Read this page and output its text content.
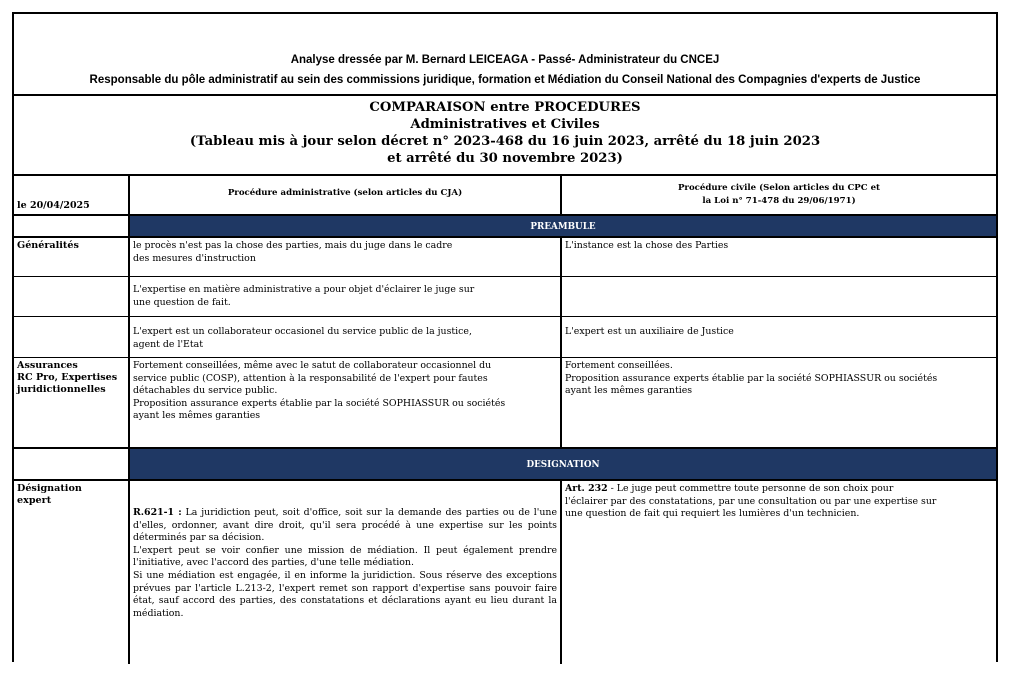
Analyse dressée par M. Bernard LEICEAGA - Passé- Administrateur du CNCEJ
Responsable du pôle administratif au sein des commissions juridique, formation et Médiation du Conseil National des Compagnies d'experts de Justice
COMPARAISON entre PROCEDURES
Administratives et Civiles
(Tableau mis à jour selon décret n° 2023-468 du 16 juin 2023, arrêté du 18 juin 2023
et arrêté du 30 novembre 2023)
le 20/04/2025
Procédure administrative (selon articles du CJA)	Procédure civile (Selon articles du CPC et
la Loi n° 71-478 du 29/06/1971)
PREAMBULE
Généralités	le procès n'est pas la chose des parties, mais du juge dans le cadre
des mesures d'instruction
L'instance est la chose des Parties
L'expertise en matière administrative a pour objet d'éclairer le juge sur
une question de fait.
L'expert est un collaborateur occasionel du service public de la justice,
agent de l'Etat
L'expert est un auxiliaire de Justice
Assurances
RC Pro, Expertises
juridictionnelles
Fortement conseillées, même avec le satut de collaborateur occasionnel du
service public (COSP), attention à la responsabilité de l'expert pour fautes
détachables du service public.
Proposition assurance experts établie par la société SOPHIASSUR ou sociétés
ayant les mêmes garanties
Fortement conseillées.
Proposition assurance experts établie par la société SOPHIASSUR ou sociétés
ayant les mêmes garanties
DESIGNATION
Désignation
expert

R.621-1 : La juridiction peut, soit d'office, soit sur la demande des parties ou de l'une d'elles, ordonner, avant dire droit, qu'il sera procédé à une expertise sur les points déterminés par sa décision.

L'expert peut se voir confier une mission de médiation. Il peut également prendre l'initiative, avec l'accord des parties, d'une telle médiation.

Si une médiation est engagée, il en informe la juridiction. Sous réserve des exceptions prévues par l'article L.213-2, l'expert remet son rapport d'expertise sans pouvoir faire état, sauf accord des parties, des constatations et déclarations ayant eu lieu durant la médiation.

Art. 232 - Le juge peut commettre toute personne de son choix pour
l'éclairer par des constatations, par une consultation ou par une expertise sur
une question de fait qui requiert les lumières d'un technicien.
